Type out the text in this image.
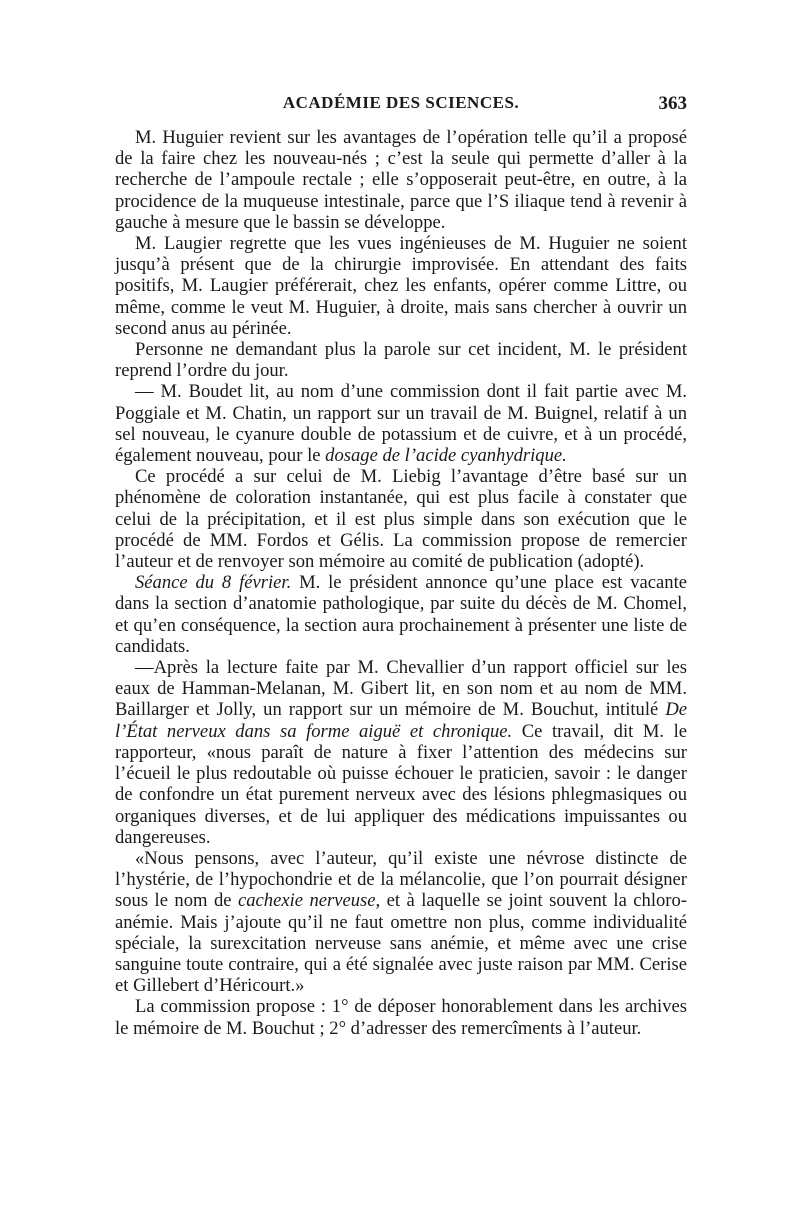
ACADÉMIE DES SCIENCES.	363

M. Huguier revient sur les avantages de l’opération telle qu’il a proposé de la faire chez les nouveau-nés ; c’est la seule qui permette d’aller à la recherche de l’ampoule rectale ; elle s’opposerait peut-être, en outre, à la procidence de la muqueuse intestinale, parce que l’S iliaque tend à revenir à gauche à mesure que le bassin se développe.

M. Laugier regrette que les vues ingénieuses de M. Huguier ne soient jusqu’à présent que de la chirurgie improvisée. En attendant des faits positifs, M. Laugier préférerait, chez les enfants, opérer comme Littre, ou même, comme le veut M. Huguier, à droite, mais sans chercher à ouvrir un second anus au périnée.

Personne ne demandant plus la parole sur cet incident, M. le président reprend l’ordre du jour.

— M. Boudet lit, au nom d’une commission dont il fait partie avec M. Poggiale et M. Chatin, un rapport sur un travail de M. Buignel, relatif à un sel nouveau, le cyanure double de potassium et de cuivre, et à un procédé, également nouveau, pour le dosage de l’acide cyanhydrique.

Ce procédé a sur celui de M. Liebig l’avantage d’être basé sur un phénomène de coloration instantanée, qui est plus facile à constater que celui de la précipitation, et il est plus simple dans son exécution que le procédé de MM. Fordos et Gélis. La commission propose de remercier l’auteur et de renvoyer son mémoire au comité de publication (adopté).

Séance du 8 février. M. le président annonce qu’une place est vacante dans la section d’anatomie pathologique, par suite du décès de M. Chomel, et qu’en conséquence, la section aura prochainement à présenter une liste de candidats.

—Après la lecture faite par M. Chevallier d’un rapport officiel sur les eaux de Hamman-Melanan, M. Gibert lit, en son nom et au nom de MM. Baillarger et Jolly, un rapport sur un mémoire de M. Bouchut, intitulé De l’État nerveux dans sa forme aiguë et chronique. Ce travail, dit M. le rapporteur, «nous paraît de nature à fixer l’attention des médecins sur l’écueil le plus redoutable où puisse échouer le praticien, savoir : le danger de confondre un état purement nerveux avec des lésions phlegmasiques ou organiques diverses, et de lui appliquer des médications impuissantes ou dangereuses.

«Nous pensons, avec l’auteur, qu’il existe une névrose distincte de l’hystérie, de l’hypochondrie et de la mélancolie, que l’on pourrait désigner sous le nom de cachexie nerveuse, et à laquelle se joint souvent la chloro-anémie. Mais j’ajoute qu’il ne faut omettre non plus, comme individualité spéciale, la surexcitation nerveuse sans anémie, et même avec une crise sanguine toute contraire, qui a été signalée avec juste raison par MM. Cerise et Gillebert d’Héricourt.»

La commission propose : 1° de déposer honorablement dans les archives le mémoire de M. Bouchut ; 2° d’adresser des remercîments à l’auteur.
